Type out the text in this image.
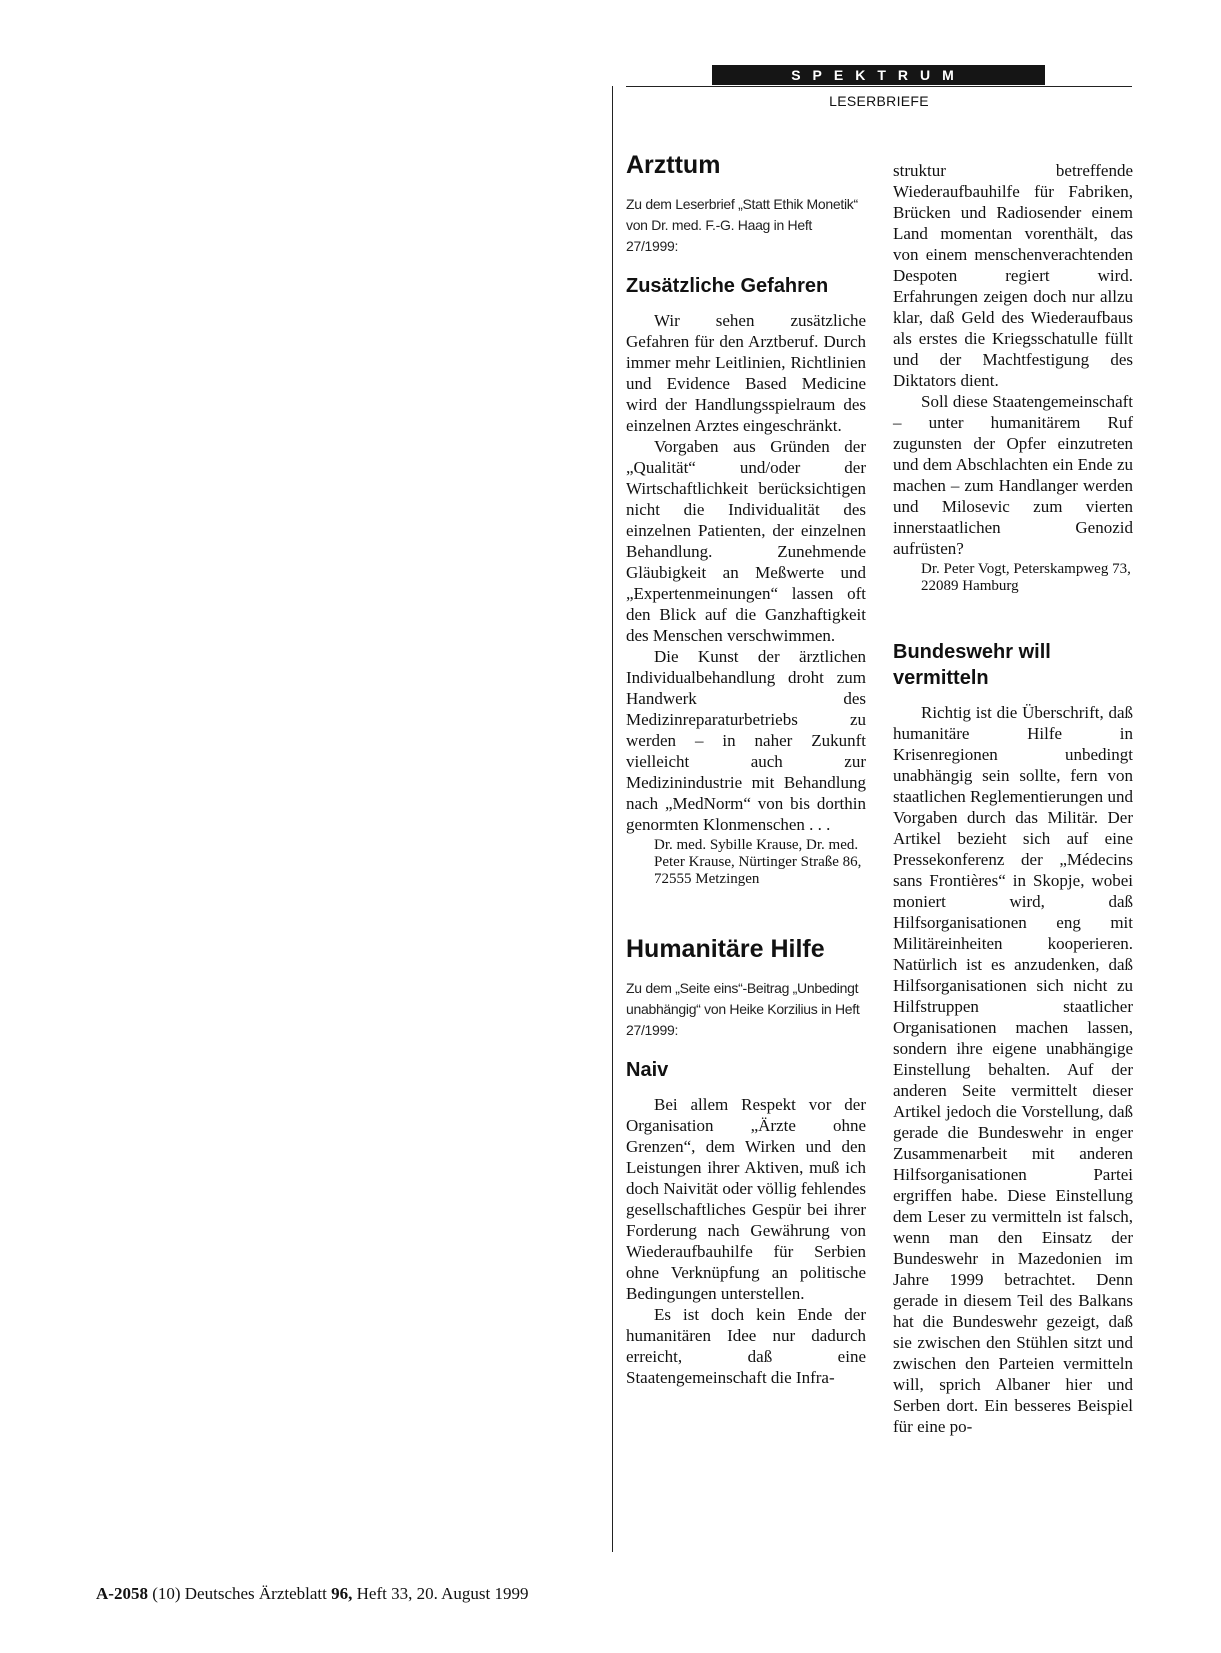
SPEKTRUM
LESERBRIEFE
Arzttum
Zu dem Leserbrief „Statt Ethik Monetik“ von Dr. med. F.-G. Haag in Heft 27/1999:
Zusätzliche Gefahren

Wir sehen zusätzliche Gefahren für den Arztberuf. Durch immer mehr Leitlinien, Richtlinien und Evidence Based Medicine wird der Handlungsspielraum des einzelnen Arztes eingeschränkt.

Vorgaben aus Gründen der „Qualität“ und/oder der Wirtschaftlichkeit berücksichtigen nicht die Individualität des einzelnen Patienten, der einzelnen Behandlung. Zunehmende Gläubigkeit an Meßwerte und „Expertenmeinungen“ lassen oft den Blick auf die Ganzhaftigkeit des Menschen verschwimmen.

Die Kunst der ärztlichen Individualbehandlung droht zum Handwerk des Medizinreparaturbetriebs zu werden – in naher Zukunft vielleicht auch zur Medizinindustrie mit Behandlung nach „MedNorm“ von bis dorthin genormten Klonmenschen . . .

Dr. med. Sybille Krause, Dr. med. Peter Krause, Nürtinger Straße 86, 72555 Metzingen

Humanitäre Hilfe
Zu dem „Seite eins“-Beitrag „Unbedingt unabhängig“ von Heike Korzilius in Heft 27/1999:
Naiv

Bei allem Respekt vor der Organisation „Ärzte ohne Grenzen“, dem Wirken und den Leistungen ihrer Aktiven, muß ich doch Naivität oder völlig fehlendes gesellschaftliches Gespür bei ihrer Forderung nach Gewährung von Wiederaufbauhilfe für Serbien ohne Verknüpfung an politische Bedingungen unterstellen.

Es ist doch kein Ende der humanitären Idee nur dadurch erreicht, daß eine Staatengemeinschaft die Infra-

struktur betreffende Wiederaufbauhilfe für Fabriken, Brücken und Radiosender einem Land momentan vorenthält, das von einem menschenverachtenden Despoten regiert wird. Erfahrungen zeigen doch nur allzu klar, daß Geld des Wiederaufbaus als erstes die Kriegsschatulle füllt und der Machtfestigung des Diktators dient.

Soll diese Staatengemeinschaft – unter humanitärem Ruf zugunsten der Opfer einzutreten und dem Abschlachten ein Ende zu machen – zum Handlanger werden und Milosevic zum vierten innerstaatlichen Genozid aufrüsten?

Dr. Peter Vogt, Peterskampweg 73, 22089 Hamburg

Bundeswehr will vermitteln

Richtig ist die Überschrift, daß humanitäre Hilfe in Krisenregionen unbedingt unabhängig sein sollte, fern von staatlichen Reglementierungen und Vorgaben durch das Militär. Der Artikel bezieht sich auf eine Pressekonferenz der „Médecins sans Frontières“ in Skopje, wobei moniert wird, daß Hilfsorganisationen eng mit Militäreinheiten kooperieren. Natürlich ist es anzudenken, daß Hilfsorganisationen sich nicht zu Hilfstruppen staatlicher Organisationen machen lassen, sondern ihre eigene unabhängige Einstellung behalten. Auf der anderen Seite vermittelt dieser Artikel jedoch die Vorstellung, daß gerade die Bundeswehr in enger Zusammenarbeit mit anderen Hilfsorganisationen Partei ergriffen habe. Diese Einstellung dem Leser zu vermitteln ist falsch, wenn man den Einsatz der Bundeswehr in Mazedonien im Jahre 1999 betrachtet. Denn gerade in diesem Teil des Balkans hat die Bundeswehr gezeigt, daß sie zwischen den Stühlen sitzt und zwischen den Parteien vermitteln will, sprich Albaner hier und Serben dort. Ein besseres Beispiel für eine po-

A-2058 (10) Deutsches Ärzteblatt 96, Heft 33, 20. August 1999
